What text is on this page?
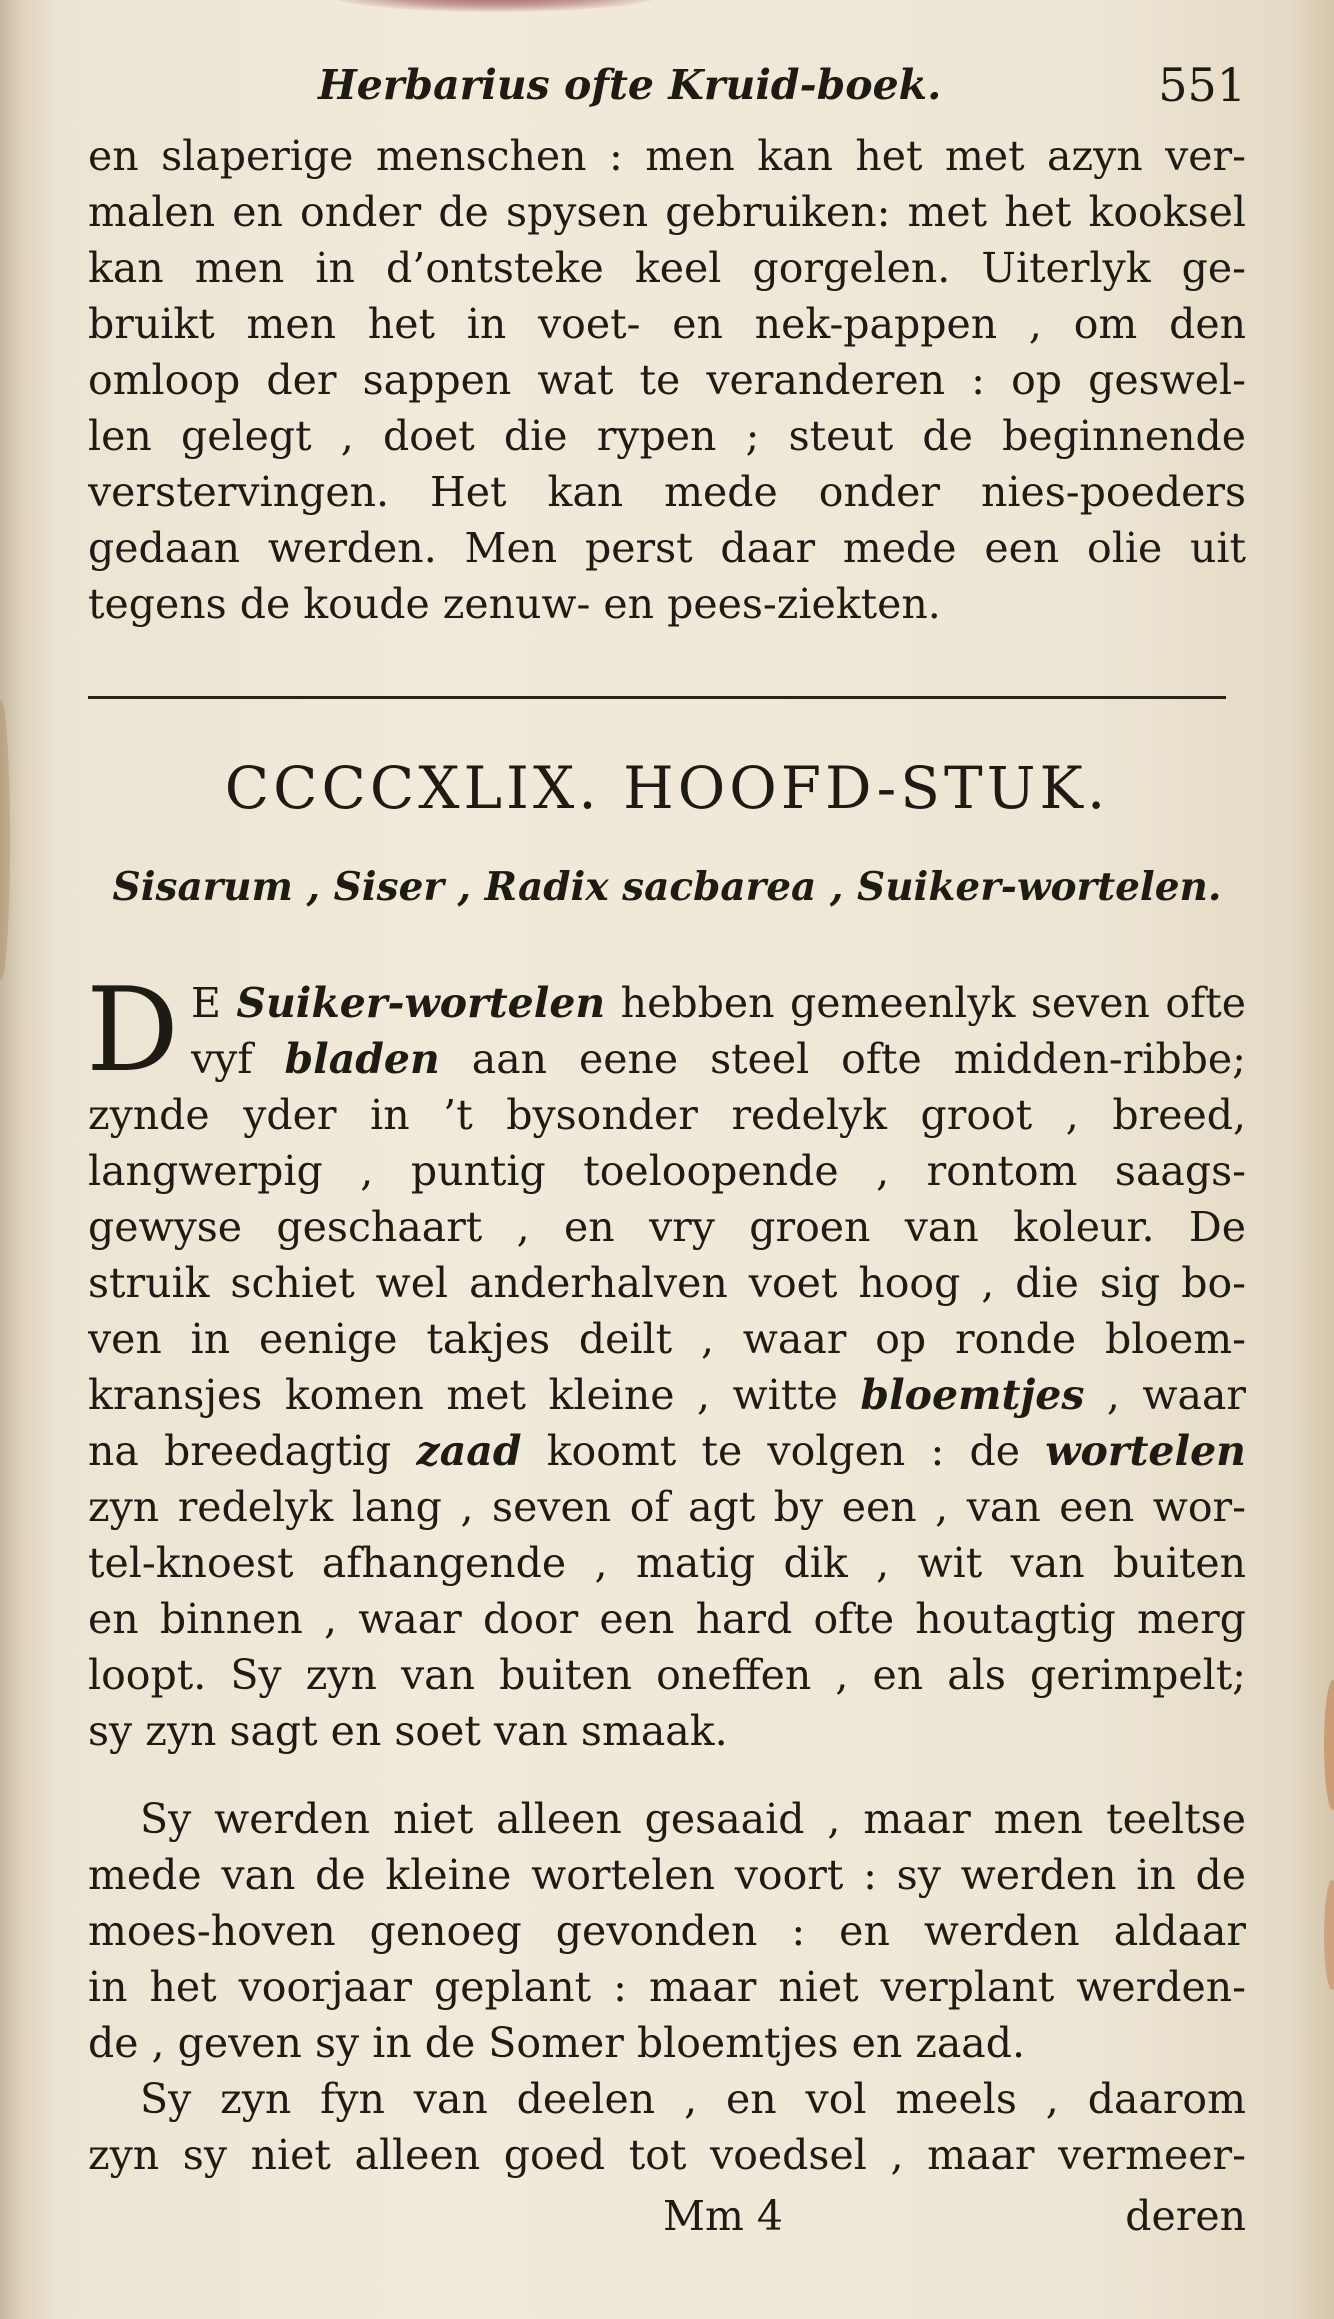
Herbarius ofte Kruid-boek.	551
en slaperige menschen : men kan het met azyn ver-
malen en onder de spysen gebruiken: met het kooksel
kan men in d’ontsteke keel gorgelen. Uiterlyk ge-
bruikt men het in voet- en nek-pappen , om den
omloop der sappen wat te veranderen : op geswel-
len gelegt , doet die rypen ; steut de beginnende
verstervingen. Het kan mede onder nies-poeders
gedaan werden. Men perst daar mede een olie uit
tegens de koude zenuw- en pees-ziekten.
CCCCXLIX. HOOFD-STUK.
Sisarum , Siser , Radix sacbarea , Suiker-wortelen.
D E Suiker-wortelen hebben gemeenlyk seven ofte
vyf bladen aan eene steel ofte midden-ribbe;
zynde yder in ’t bysonder redelyk groot , breed,
langwerpig , puntig toeloopende , rontom saags-
gewyse geschaart , en vry groen van koleur. De
struik schiet wel anderhalven voet hoog , die sig bo-
ven in eenige takjes deilt , waar op ronde bloem-
kransjes komen met kleine , witte bloemtjes , waar
na breedagtig zaad koomt te volgen : de wortelen
zyn redelyk lang , seven of agt by een , van een wor-
tel-knoest afhangende , matig dik , wit van buiten
en binnen , waar door een hard ofte houtagtig merg
loopt. Sy zyn van buiten oneffen , en als gerimpelt;
sy zyn sagt en soet van smaak.
Sy werden niet alleen gesaaid , maar men teeltse
mede van de kleine wortelen voort : sy werden in de
moes-hoven genoeg gevonden : en werden aldaar
in het voorjaar geplant : maar niet verplant werden-
de , geven sy in de Somer bloemtjes en zaad.
Sy zyn fyn van deelen , en vol meels , daarom
zyn sy niet alleen goed tot voedsel , maar vermeer-
Mm 4	deren
